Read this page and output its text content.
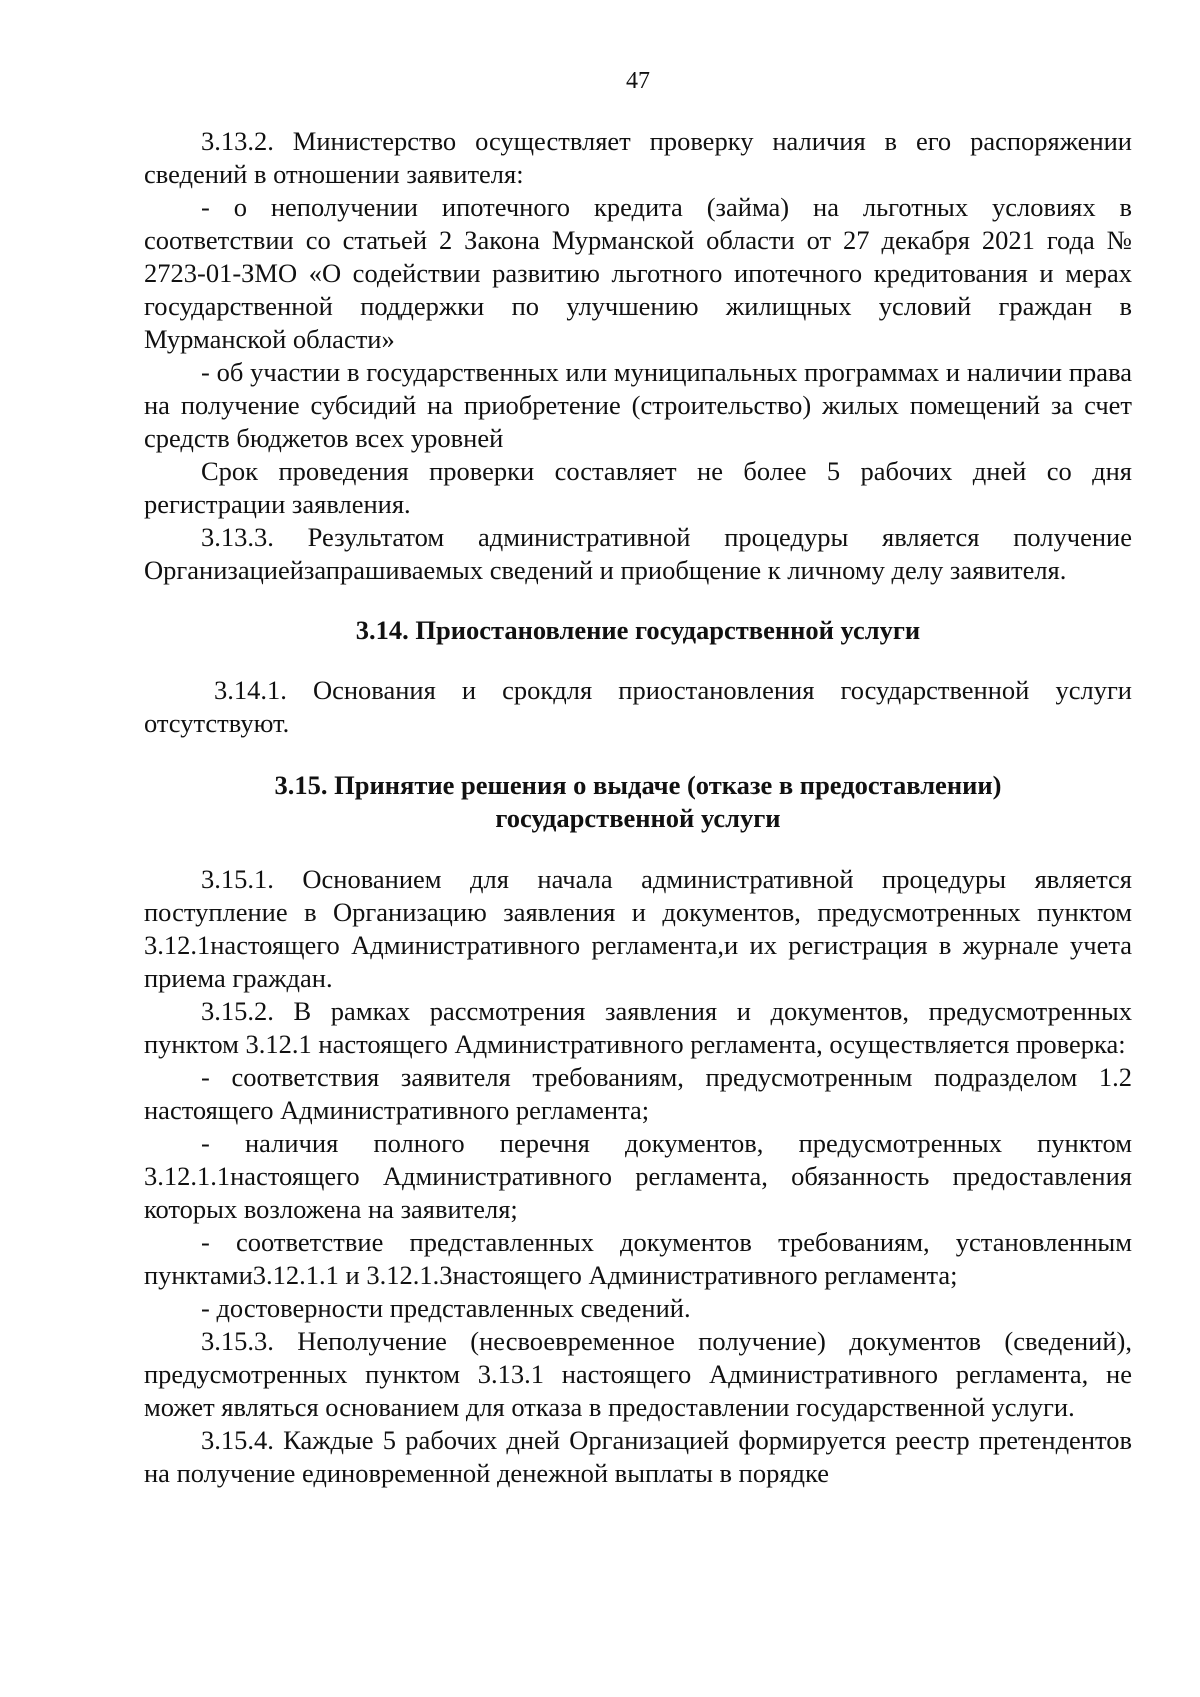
47

3.13.2. Министерство осуществляет проверку наличия в его распоряжении сведений в отношении заявителя:

- о неполучении ипотечного кредита (займа) на льготных условиях в соответствии со статьей 2 Закона Мурманской области от 27 декабря 2021 года № 2723-01-ЗМО «О содействии развитию льготного ипотечного кредитования и мерах государственной поддержки по улучшению жилищных условий граждан в Мурманской области»

- об участии в государственных или муниципальных программах и наличии права на получение субсидий на приобретение (строительство) жилых помещений за счет средств бюджетов всех уровней

Срок проведения проверки составляет не более 5 рабочих дней со дня регистрации заявления.

3.13.3. Результатом административной процедуры является получение Организациейзапрашиваемых сведений и приобщение к личному делу заявителя.

3.14. Приостановление государственной услуги

3.14.1. Основания и срокдля приостановления государственной услуги отсутствуют.

3.15. Принятие решения о выдаче (отказе в предоставлении)
государственной услуги

3.15.1. Основанием для начала административной процедуры является поступление в Организацию заявления и документов, предусмотренных пунктом 3.12.1настоящего Административного регламента,и их регистрация в журнале учета приема граждан.

3.15.2. В рамках рассмотрения заявления и документов, предусмотренных пунктом 3.12.1 настоящего Административного регламента, осуществляется проверка:

- соответствия заявителя требованиям, предусмотренным подразделом 1.2 настоящего Административного регламента;

- наличия полного перечня документов, предусмотренных пунктом 3.12.1.1настоящего Административного регламента, обязанность предоставления которых возложена на заявителя;

- соответствие представленных документов требованиям, установленным пунктами3.12.1.1 и 3.12.1.3настоящего Административного регламента;

- достоверности представленных сведений.

3.15.3. Неполучение (несвоевременное получение) документов (сведений), предусмотренных пунктом 3.13.1 настоящего Административного регламента, не может являться основанием для отказа в предоставлении государственной услуги.

3.15.4. Каждые 5 рабочих дней Организацией формируется реестр претендентов на получение единовременной денежной выплаты в порядке
